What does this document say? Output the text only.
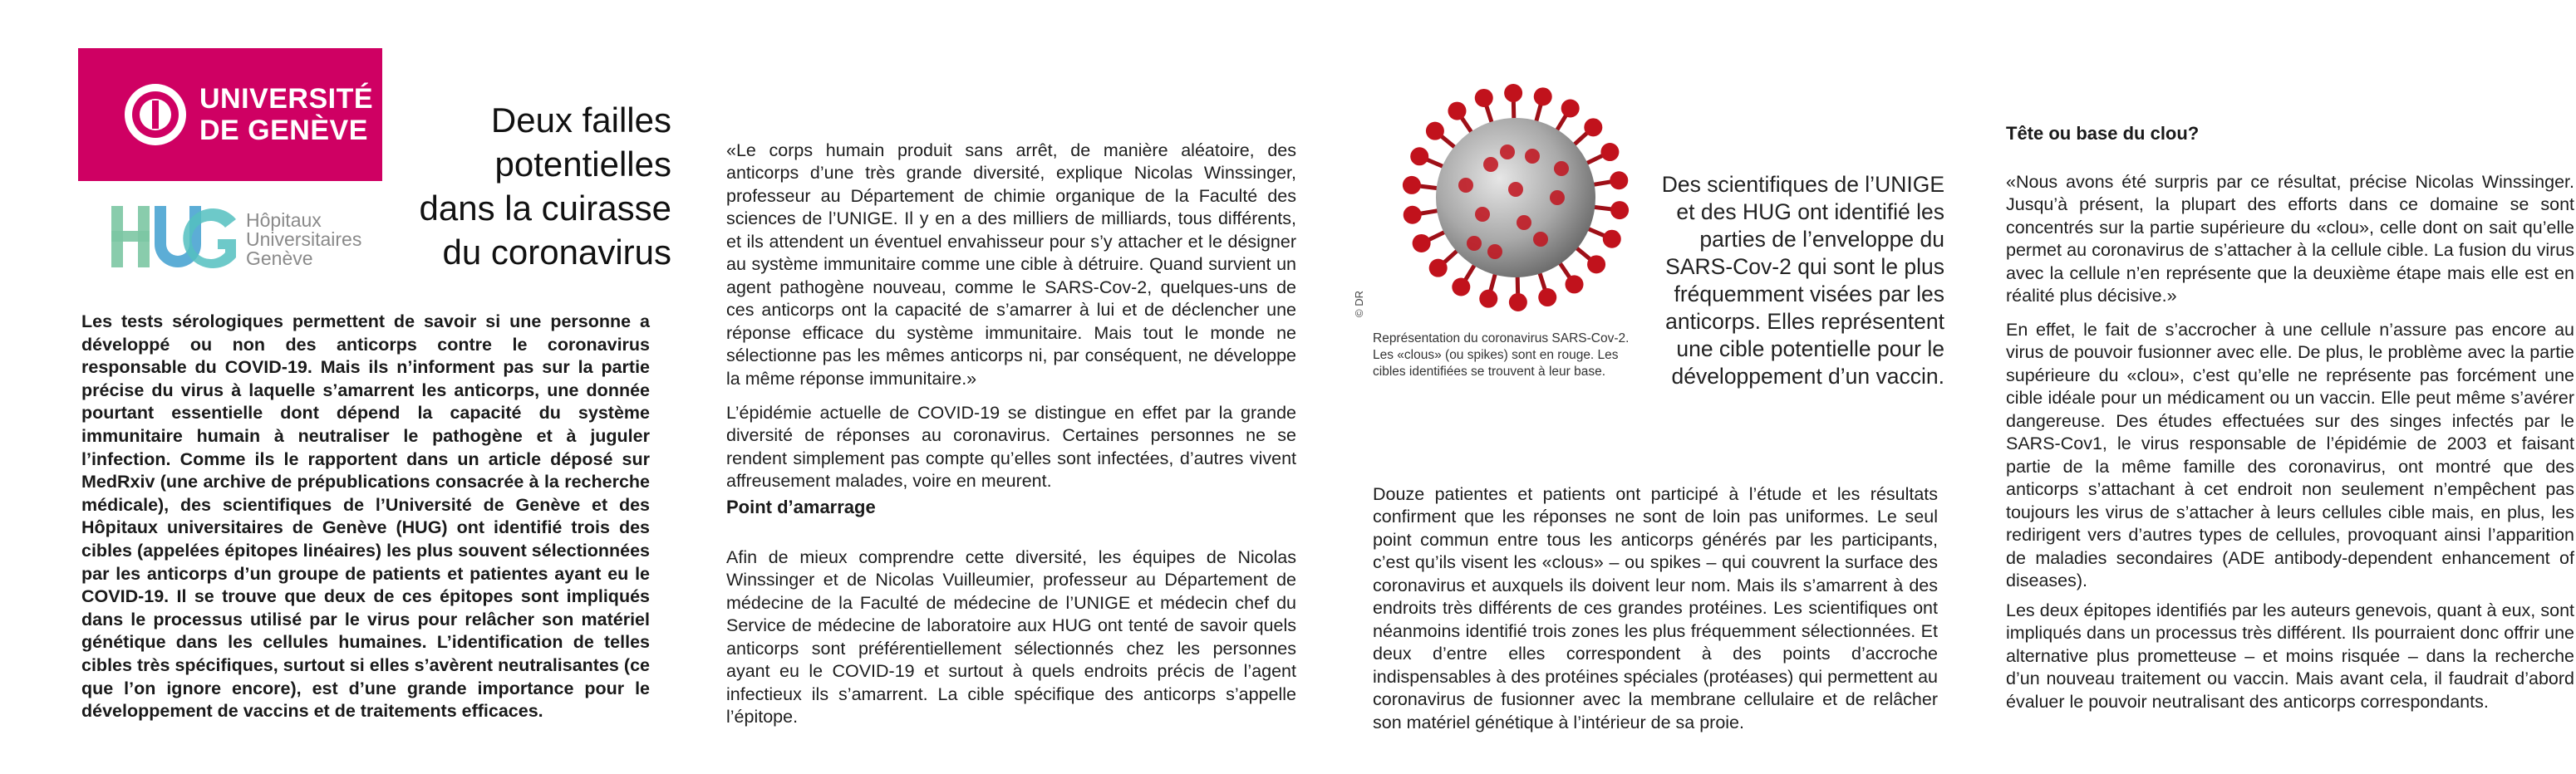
UNIVERSITÉ
DE GENÈVE
Hôpitaux
Universitaires
Genève
Deux failles
potentielles
dans la cuirasse
du coronavirus

Les tests sérologiques permettent de savoir si une personne a développé ou non des anticorps contre le coronavirus responsable du COVID-19. Mais ils n’informent pas sur la partie précise du virus à laquelle s’amarrent les anticorps, une donnée pourtant essentielle dont dépend la capacité du système immunitaire humain à neutraliser le pathogène et à juguler l’infection. Comme ils le rapportent dans un article déposé sur MedRxiv (une archive de prépublications consacrée à la recherche médicale), des scientifiques de l’Université de Genève et des Hôpitaux universitaires de Genève (HUG) ont identifié trois des cibles (appelées épitopes linéaires) les plus souvent sélectionnées par les anticorps d’un groupe de patients et patientes ayant eu le COVID-19. Il se trouve que deux de ces épitopes sont impliqués dans le processus utilisé par le virus pour relâcher son matériel génétique dans les cellules humaines. L’identification de telles cibles très spécifiques, surtout si elles s’avèrent neutralisantes (ce que l’on ignore encore), est d’une grande importance pour le développement de vaccins et de traitements efficaces.

«Le corps humain produit sans arrêt, de manière aléatoire, des anticorps d’une très grande diversité, explique Nicolas Winssinger, professeur au Département de chimie organique de la Faculté des sciences de l’UNIGE. Il y en a des milliers de milliards, tous différents, et ils attendent un éventuel envahisseur pour s’y attacher et le désigner au système immunitaire comme une cible à détruire. Quand survient un agent pathogène nouveau, comme le SARS-Cov-2, quelques-uns de ces anticorps ont la capacité de s’amarrer à lui et de déclencher une réponse efficace du système immunitaire. Mais tout le monde ne sélectionne pas les mêmes anticorps ni, par conséquent, ne développe la même réponse immunitaire.»

L’épidémie actuelle de COVID-19 se distingue en effet par la grande diversité de réponses au coronavirus. Certaines personnes ne se rendent simplement pas compte qu’elles sont infectées, d’autres vivent affreusement malades, voire en meurent.

Point d’amarrage

Afin de mieux comprendre cette diversité, les équipes de Nicolas Winssinger et de Nicolas Vuilleumier, professeur au Département de médecine de la Faculté de médecine de l’UNIGE et médecin chef du Service de médecine de laboratoire aux HUG ont tenté de savoir quels anticorps sont préférentiellement sélectionnés chez les personnes ayant eu le COVID-19 et surtout à quels endroits précis de l’agent infectieux ils s’amarrent. La cible spécifique des anticorps s’appelle l’épitope.

© DR

Représentation du coronavirus SARS-Cov-2.

Les «clous» (ou spikes) sont en rouge. Les

cibles identifiées se trouvent à leur base.

Des scientifiques de l’UNIGE et des HUG ont identifié les parties de l’enveloppe du SARS-Cov-2 qui sont le plus fréquemment visées par les anticorps. Elles représentent une cible potentielle pour le développement d’un vaccin.

Douze patientes et patients ont participé à l’étude et les résultats confirment que les réponses ne sont de loin pas uniformes. Le seul point commun entre tous les anticorps générés par les participants, c’est qu’ils visent les «clous» – ou spikes – qui couvrent la surface des coronavirus et auxquels ils doivent leur nom. Mais ils s’amarrent à des endroits très différents de ces grandes protéines. Les scientifiques ont néanmoins identifié trois zones les plus fréquemment sélectionnées. Et deux d’entre elles correspondent à des points d’accroche indispensables à des protéines spéciales (protéases) qui permettent au coronavirus de fusionner avec la membrane cellulaire et de relâcher son matériel génétique à l’intérieur de sa proie.

Tête ou base du clou?

«Nous avons été surpris par ce résultat, précise Nicolas Winssinger. Jusqu’à présent, la plupart des efforts dans ce domaine se sont concentrés sur la partie supérieure du «clou», celle dont on sait qu’elle permet au coronavirus de s’attacher à la cellule cible. La fusion du virus avec la cellule n’en représente que la deuxième étape mais elle est en réalité plus décisive.»

En effet, le fait de s’accrocher à une cellule n’assure pas encore au virus de pouvoir fusionner avec elle. De plus, le problème avec la partie supérieure du «clou», c’est qu’elle ne représente pas forcément une cible idéale pour un médicament ou un vaccin. Elle peut même s’avérer dangereuse. Des études effectuées sur des singes infectés par le SARS-Cov1, le virus responsable de l’épidémie de 2003 et faisant partie de la même famille des coronavirus, ont montré que des anticorps s’attachant à cet endroit non seulement n’empêchent pas toujours les virus de s’attacher à leurs cellules cible mais, en plus, les redirigent vers d’autres types de cellules, provoquant ainsi l’apparition de maladies secondaires (ADE antibody-dependent enhancement of diseases).

Les deux épitopes identifiés par les auteurs genevois, quant à eux, sont impliqués dans un processus très différent. Ils pourraient donc offrir une alternative plus prometteuse – et moins risquée – dans la recherche d’un nouveau traitement ou vaccin. Mais avant cela, il faudrait d’abord évaluer le pouvoir neutralisant des anticorps correspondants.
